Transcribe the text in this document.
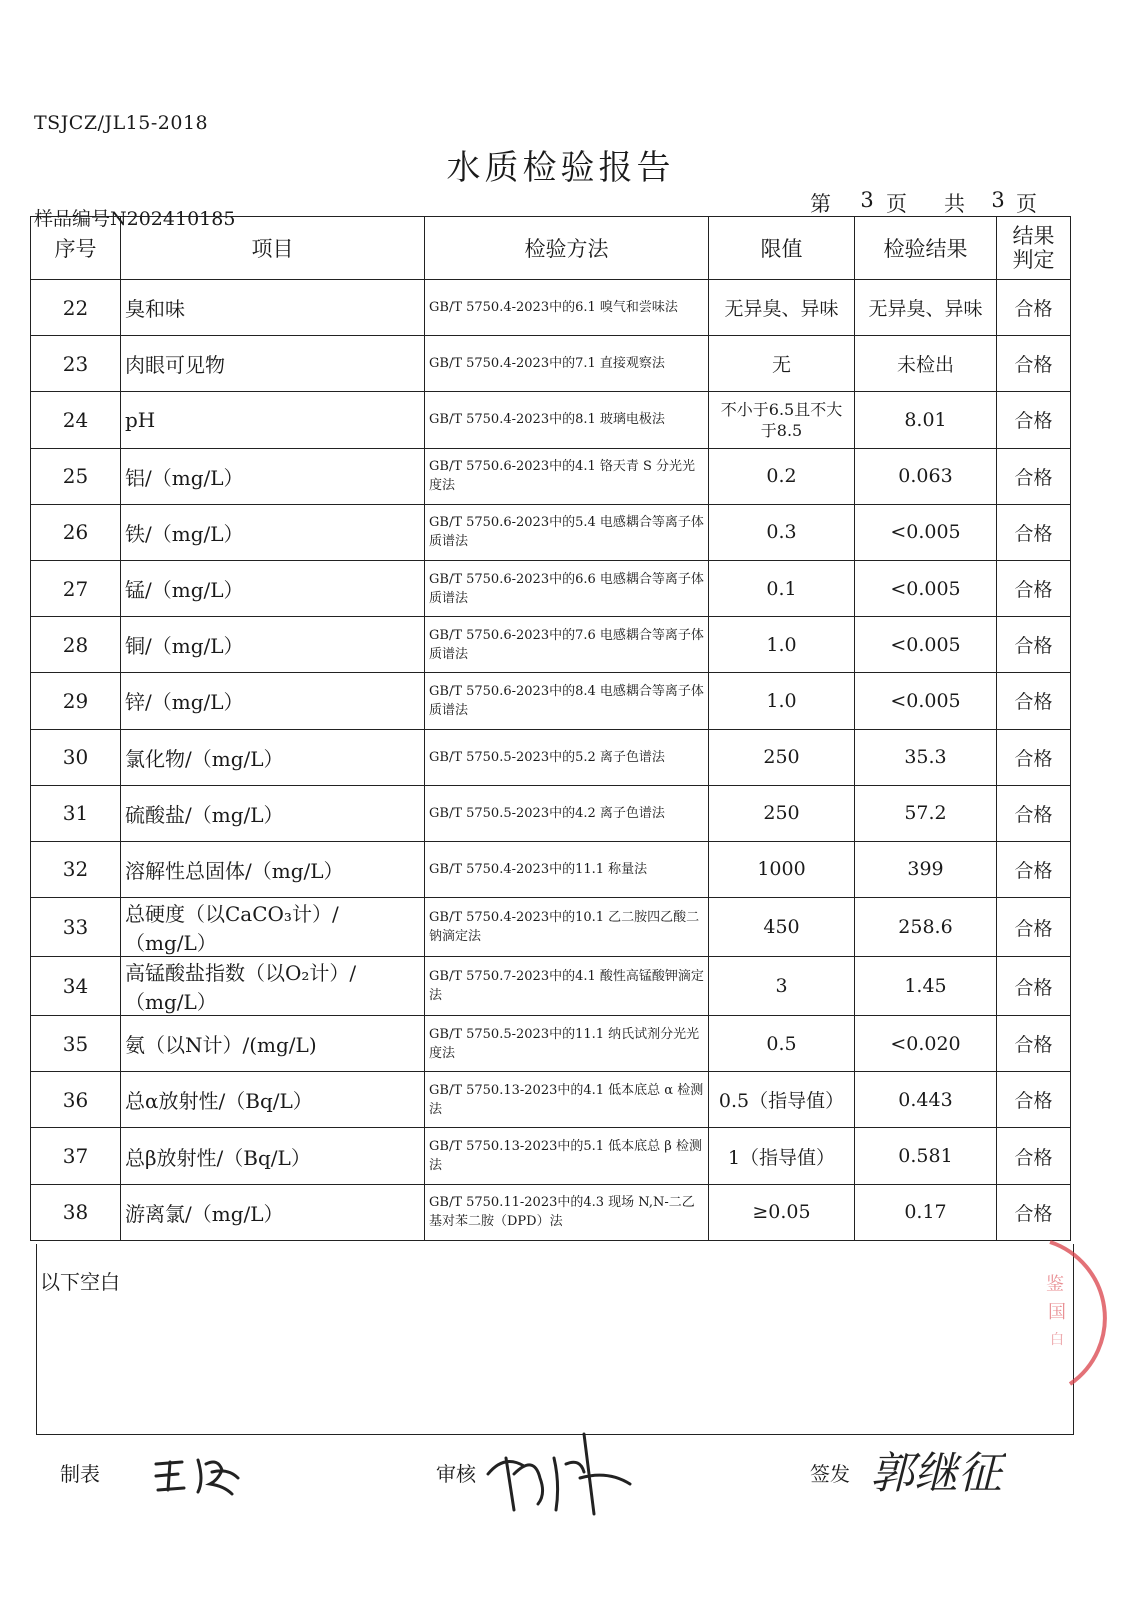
TSJCZ/JL15-2018
水质检验报告
样品编号N202410185
第	3 页	共	3 页
序号	项目	检验方法	限值	检验结果	结果
判定

22	臭和味	GB/T 5750.4-2023中的6.1 嗅气和尝味法	无异臭、异味	无异臭、异味	合格
23	肉眼可见物	GB/T 5750.4-2023中的7.1 直接观察法	无	未检出	合格
24	pH	GB/T 5750.4-2023中的8.1 玻璃电极法	不小于6.5且不大于8.5	8.01	合格
25	铝/（mg/L）	GB/T 5750.6-2023中的4.1 铬天青 S 分光光度法	0.2	0.063	合格
26	铁/（mg/L）	GB/T 5750.6-2023中的5.4 电感耦合等离子体质谱法	0.3	<0.005	合格
27	锰/（mg/L）	GB/T 5750.6-2023中的6.6 电感耦合等离子体质谱法	0.1	<0.005	合格
28	铜/（mg/L）	GB/T 5750.6-2023中的7.6 电感耦合等离子体质谱法	1.0	<0.005	合格
29	锌/（mg/L）	GB/T 5750.6-2023中的8.4 电感耦合等离子体质谱法	1.0	<0.005	合格
30	氯化物/（mg/L）	GB/T 5750.5-2023中的5.2 离子色谱法	250	35.3	合格
31	硫酸盐/（mg/L）	GB/T 5750.5-2023中的4.2 离子色谱法	250	57.2	合格
32	溶解性总固体/（mg/L）	GB/T 5750.4-2023中的11.1 称量法	1000	399	合格
33	总硬度（以CaCO₃计）/（mg/L）	GB/T 5750.4-2023中的10.1 乙二胺四乙酸二钠滴定法	450	258.6	合格
34	高锰酸盐指数（以O₂计）/（mg/L）	GB/T 5750.7-2023中的4.1 酸性高锰酸钾滴定法	3	1.45	合格
35	氨（以N计）/(mg/L)	GB/T 5750.5-2023中的11.1 纳氏试剂分光光度法	0.5	<0.020	合格
36	总α放射性/（Bq/L）	GB/T 5750.13-2023中的4.1 低本底总 α 检测法	0.5（指导值）	0.443	合格
37	总β放射性/（Bq/L）	GB/T 5750.13-2023中的5.1 低本底总 β 检测法	1（指导值）	0.581	合格
38	游离氯/（mg/L）	GB/T 5750.11-2023中的4.3 现场 N,N-二乙基对苯二胺（DPD）法	≥0.05	0.17	合格
以下空白	鉴
国
白
制表	审核	签发 郭继征
